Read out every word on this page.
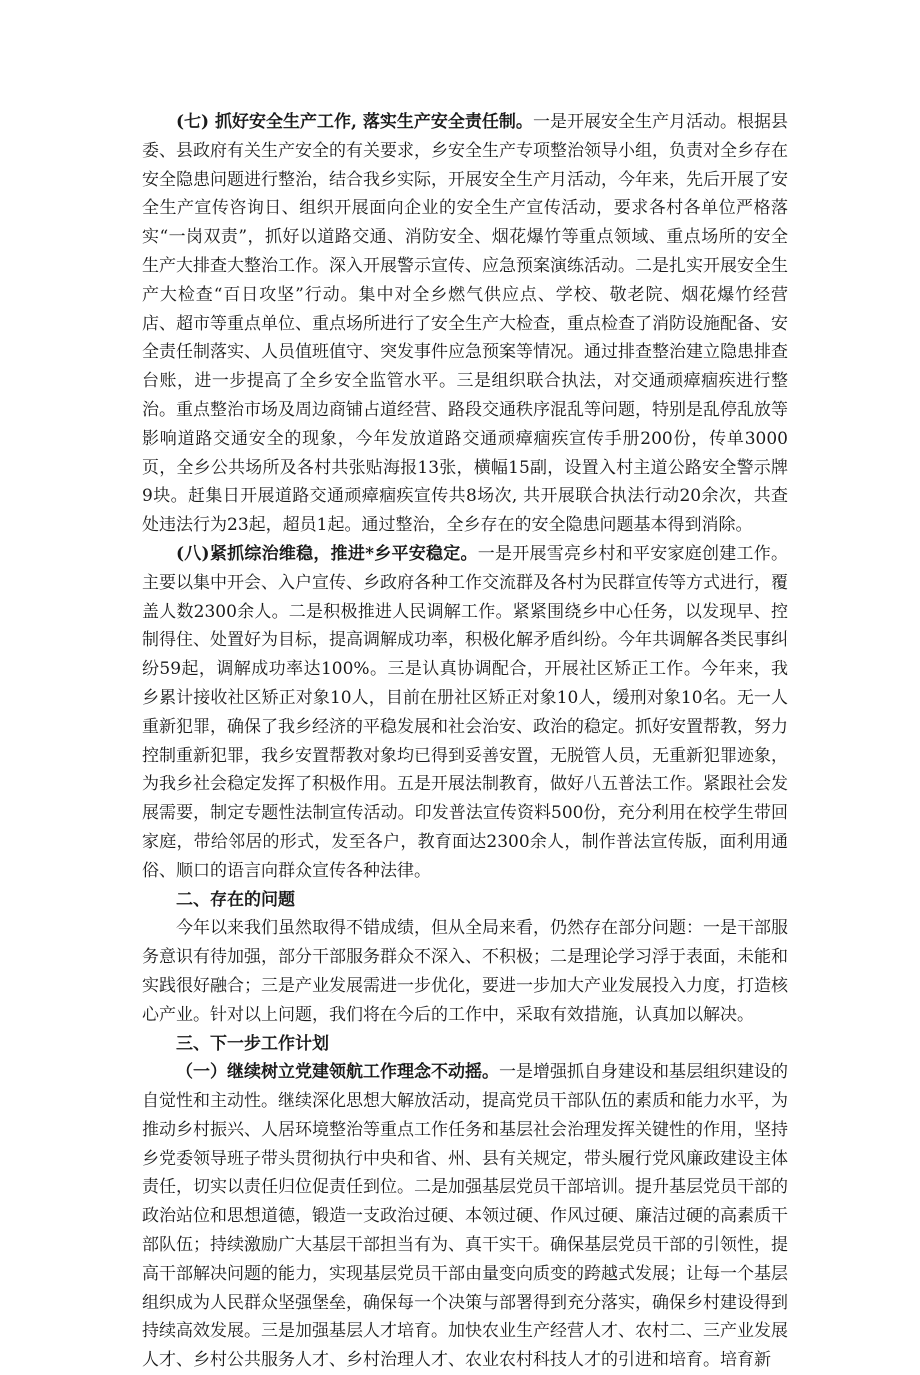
(七) 抓好安全生产工作, 落实生产安全责任制。一是开展安全生产月活动。根据县委、县政府有关生产安全的有关要求，乡安全生产专项整治领导小组，负责对全乡存在安全隐患问题进行整治，结合我乡实际，开展安全生产月活动，今年来，先后开展了安全生产宣传咨询日、组织开展面向企业的安全生产宣传活动，要求各村各单位严格落实“一岗双责”，抓好以道路交通、消防安全、烟花爆竹等重点领域、重点场所的安全生产大排查大整治工作。深入开展警示宣传、应急预案演练活动。二是扎实开展安全生产大检查“百日攻坚”行动。集中对全乡燃气供应点、学校、敬老院、烟花爆竹经营店、超市等重点单位、重点场所进行了安全生产大检查，重点检查了消防设施配备、安全责任制落实、人员值班值守、突发事件应急预案等情况。通过排查整治建立隐患排查台账，进一步提高了全乡安全监管水平。三是组织联合执法，对交通顽瘴痼疾进行整治。重点整治市场及周边商铺占道经营、路段交通秩序混乱等问题，特别是乱停乱放等影响道路交通安全的现象，今年发放道路交通顽瘴痼疾宣传手册200份，传单3000页，全乡公共场所及各村共张贴海报13张，横幅15副，设置入村主道公路安全警示牌9块。赶集日开展道路交通顽瘴痼疾宣传共8场次, 共开展联合执法行动20余次，共查处违法行为23起，超员1起。通过整治，全乡存在的安全隐患问题基本得到消除。

(八)紧抓综治维稳，推进*乡平安稳定。一是开展雪亮乡村和平安家庭创建工作。主要以集中开会、入户宣传、乡政府各种工作交流群及各村为民群宣传等方式进行，覆盖人数2300余人。二是积极推进人民调解工作。紧紧围绕乡中心任务，以发现早、控制得住、处置好为目标，提高调解成功率，积极化解矛盾纠纷。今年共调解各类民事纠纷59起，调解成功率达100%。三是认真协调配合，开展社区矫正工作。今年来，我乡累计接收社区矫正对象10人，目前在册社区矫正对象10人，缓刑对象10名。无一人重新犯罪，确保了我乡经济的平稳发展和社会治安、政治的稳定。抓好安置帮教，努力控制重新犯罪，我乡安置帮教对象均已得到妥善安置，无脱管人员，无重新犯罪迹象，为我乡社会稳定发挥了积极作用。五是开展法制教育，做好八五普法工作。紧跟社会发展需要，制定专题性法制宣传活动。印发普法宣传资料500份，充分利用在校学生带回家庭，带给邻居的形式，发至各户，教育面达2300余人，制作普法宣传版，面利用通俗、顺口的语言向群众宣传各种法律。

二、存在的问题

今年以来我们虽然取得不错成绩，但从全局来看，仍然存在部分问题：一是干部服务意识有待加强，部分干部服务群众不深入、不积极；二是理论学习浮于表面，未能和实践很好融合；三是产业发展需进一步优化，要进一步加大产业发展投入力度，打造核心产业。针对以上问题，我们将在今后的工作中，采取有效措施，认真加以解决。

三、下一步工作计划

（一）继续树立党建领航工作理念不动摇。一是增强抓自身建设和基层组织建设的自觉性和主动性。继续深化思想大解放活动，提高党员干部队伍的素质和能力水平，为推动乡村振兴、人居环境整治等重点工作任务和基层社会治理发挥关键性的作用，坚持乡党委领导班子带头贯彻执行中央和省、州、县有关规定，带头履行党风廉政建设主体责任，切实以责任归位促责任到位。二是加强基层党员干部培训。提升基层党员干部的政治站位和思想道德，锻造一支政治过硬、本领过硬、作风过硬、廉洁过硬的高素质干部队伍；持续激励广大基层干部担当有为、真干实干。确保基层党员干部的引领性，提高干部解决问题的能力，实现基层党员干部由量变向质变的跨越式发展；让每一个基层组织成为人民群众坚强堡垒，确保每一个决策与部署得到充分落实，确保乡村建设得到持续高效发展。三是加强基层人才培育。加快农业生产经营人才、农村二、三产业发展人才、乡村公共服务人才、乡村治理人才、农业农村科技人才的引进和培育。培育新
